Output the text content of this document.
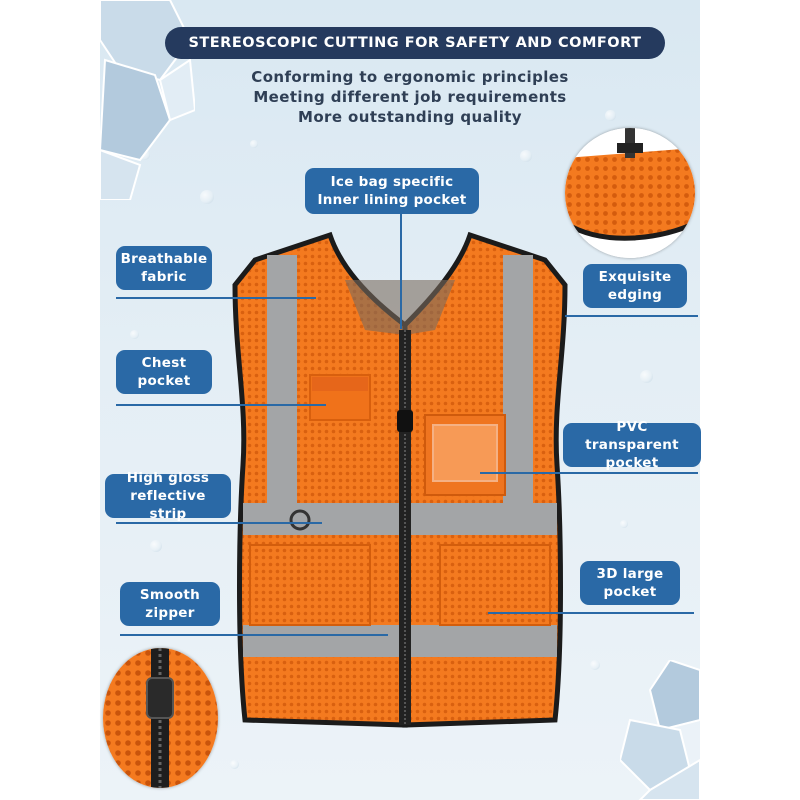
STEREOSCOPIC CUTTING FOR SAFETY AND COMFORT
Conforming to ergonomic principles
Meeting different job requirements
More outstanding quality
Ice bag specific
Inner lining pocket
Breathable
fabric
Chest
pocket
High gloss
reflective strip
Smooth
zipper
Exquisite
edging
PVC transparent
pocket
3D large
pocket
